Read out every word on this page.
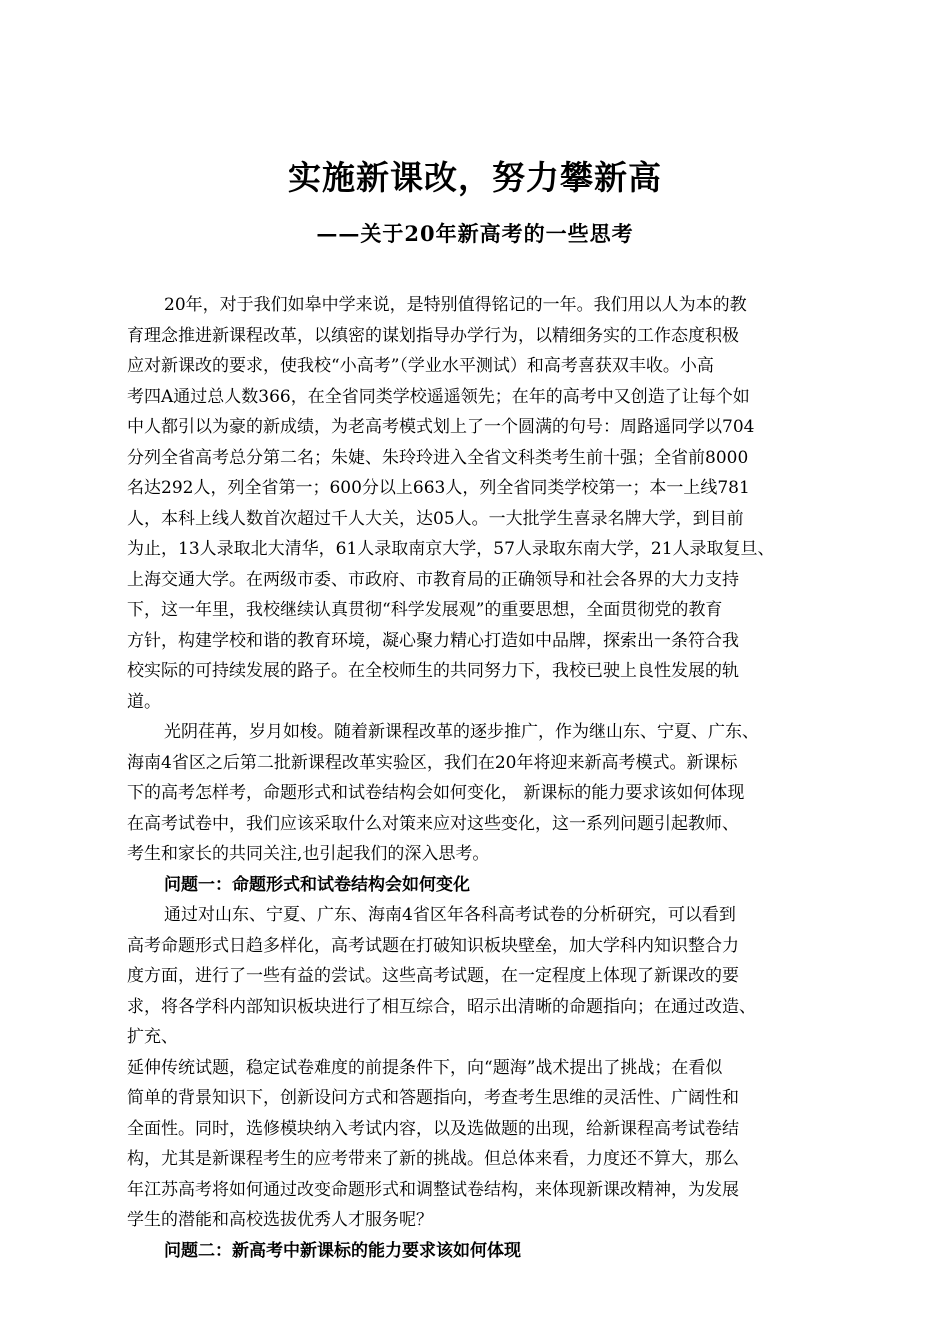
实施新课改，努力攀新高
——关于20年新高考的一些思考
20年，对于我们如皋中学来说，是特别值得铭记的一年。我们用以人为本的教
育理念推进新课程改革，以缜密的谋划指导办学行为，以精细务实的工作态度积极
应对新课改的要求，使我校“小高考”（学业水平测试）和高考喜获双丰收。小高
考四A通过总人数366，在全省同类学校遥遥领先；在年的高考中又创造了让每个如
中人都引以为豪的新成绩，为老高考模式划上了一个圆满的句号：周路遥同学以704
分列全省高考总分第二名；朱婕、朱玲玲进入全省文科类考生前十强；全省前8000
名达292人，列全省第一；600分以上663人，列全省同类学校第一；本一上线781
人，本科上线人数首次超过千人大关，达05人。一大批学生喜录名牌大学，到目前
为止，13人录取北大清华，61人录取南京大学，57人录取东南大学，21人录取复旦、
上海交通大学。在两级市委、市政府、市教育局的正确领导和社会各界的大力支持
下，这一年里，我校继续认真贯彻“科学发展观”的重要思想，全面贯彻党的教育
方针，构建学校和谐的教育环境，凝心聚力精心打造如中品牌，探索出一条符合我
校实际的可持续发展的路子。在全校师生的共同努力下，我校已驶上良性发展的轨
道。
光阴荏苒，岁月如梭。随着新课程改革的逐步推广，作为继山东、宁夏、广东、
海南4省区之后第二批新课程改革实验区，我们在20年将迎来新高考模式。新课标
下的高考怎样考，命题形式和试卷结构会如何变化， 新课标的能力要求该如何体现
在高考试卷中，我们应该采取什么对策来应对这些变化，这一系列问题引起教师、
考生和家长的共同关注,也引起我们的深入思考。
问题一：命题形式和试卷结构会如何变化
通过对山东、宁夏、广东、海南4省区年各科高考试卷的分析研究，可以看到
高考命题形式日趋多样化，高考试题在打破知识板块壁垒，加大学科内知识整合力
度方面，进行了一些有益的尝试。这些高考试题，在一定程度上体现了新课改的要
求，将各学科内部知识板块进行了相互综合，昭示出清晰的命题指向；在通过改造、
扩充、
延伸传统试题，稳定试卷难度的前提条件下，向“题海”战术提出了挑战；在看似
简单的背景知识下，创新设问方式和答题指向，考查考生思维的灵活性、广阔性和
全面性。同时，选修模块纳入考试内容，以及选做题的出现，给新课程高考试卷结
构，尤其是新课程考生的应考带来了新的挑战。但总体来看，力度还不算大，那么
年江苏高考将如何通过改变命题形式和调整试卷结构，来体现新课改精神，为发展
学生的潜能和高校选拔优秀人才服务呢？
问题二：新高考中新课标的能力要求该如何体现
